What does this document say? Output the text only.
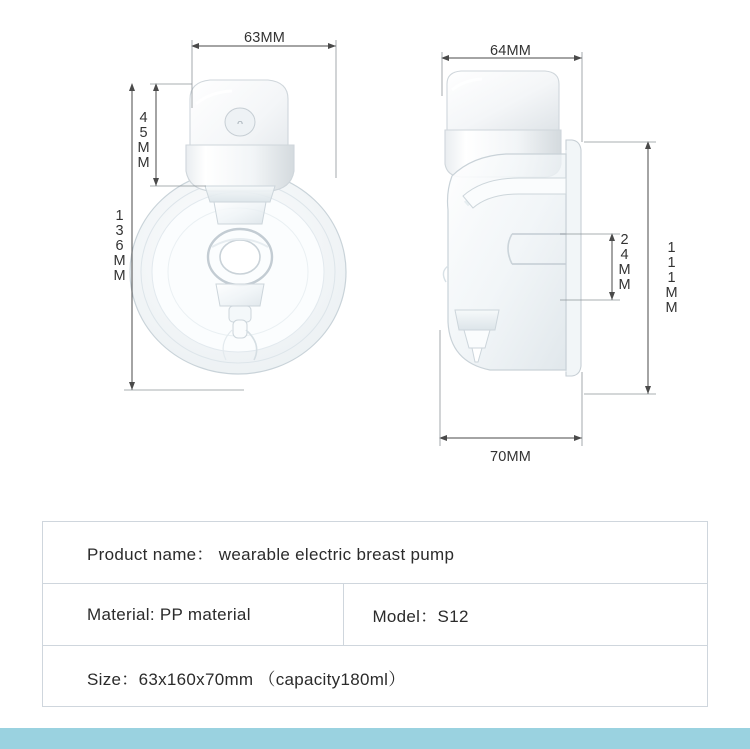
ᴖ
63MM
45MM
136MM
64MM
24MM 111MM
70MM
Product name： wearable electric breast pump
Material: PP material	Model：S12
Size：63x160x70mm （capacity180ml）
